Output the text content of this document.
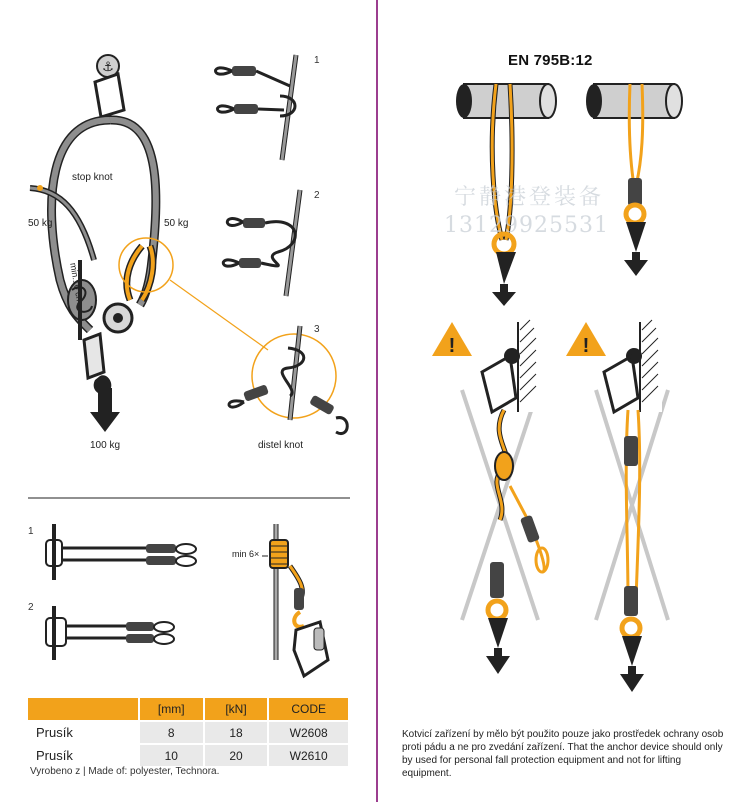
⚓
stop knot
50 kg	50 kg
min.10 cm
100 kg	distel knot
min 6×
1
2
3
1
2
	[mm]	[kN]	CODE
Prusík	8	18	W2608
Prusík	10	20	W2610
Vyrobeno z | Made of: polyester, Technora.
!	!
EN 795B:12
宁静港登装备
13129925531
Kotvicí zařízení by mělo být použito pouze jako prostředek ochrany osob proti pádu a ne pro zvedání zařízení. That the anchor device should only by used for personal fall protection equipment and not for lifting equipment.
